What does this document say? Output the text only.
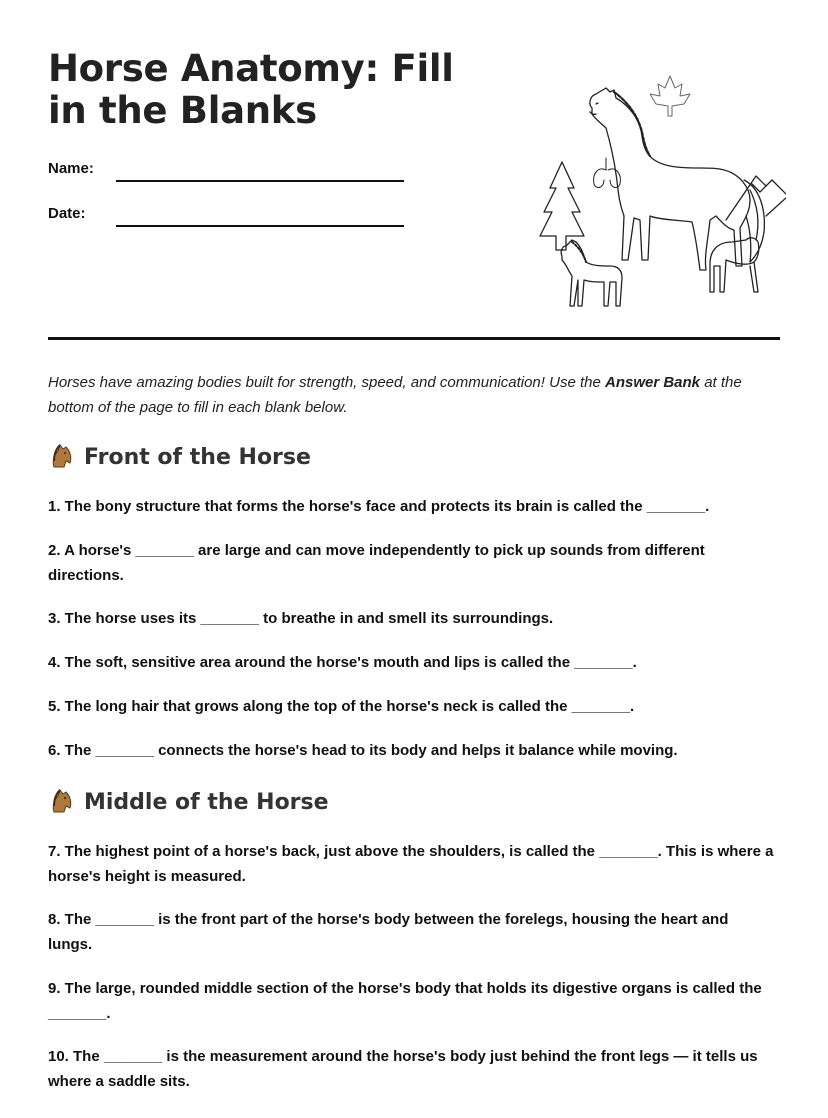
Horse Anatomy: Fill in the Blanks
Name:
Date:

Horses have amazing bodies built for strength, speed, and communication! Use the Answer Bank at the bottom of the page to fill in each blank below.

Front of the Horse
1. The bony structure that forms the horse's face and protects its brain is called the _______.
2. A horse's _______ are large and can move independently to pick up sounds from different directions.
3. The horse uses its _______ to breathe in and smell its surroundings.
4. The soft, sensitive area around the horse's mouth and lips is called the _______.
5. The long hair that grows along the top of the horse's neck is called the _______.
6. The _______ connects the horse's head to its body and helps it balance while moving.
Middle of the Horse
7. The highest point of a horse's back, just above the shoulders, is called the _______. This is where a horse's height is measured.
8. The _______ is the front part of the horse's body between the forelegs, housing the heart and lungs.
9. The large, rounded middle section of the horse's body that holds its digestive organs is called the _______.
10. The _______ is the measurement around the horse's body just behind the front legs — it tells us where a saddle sits.
